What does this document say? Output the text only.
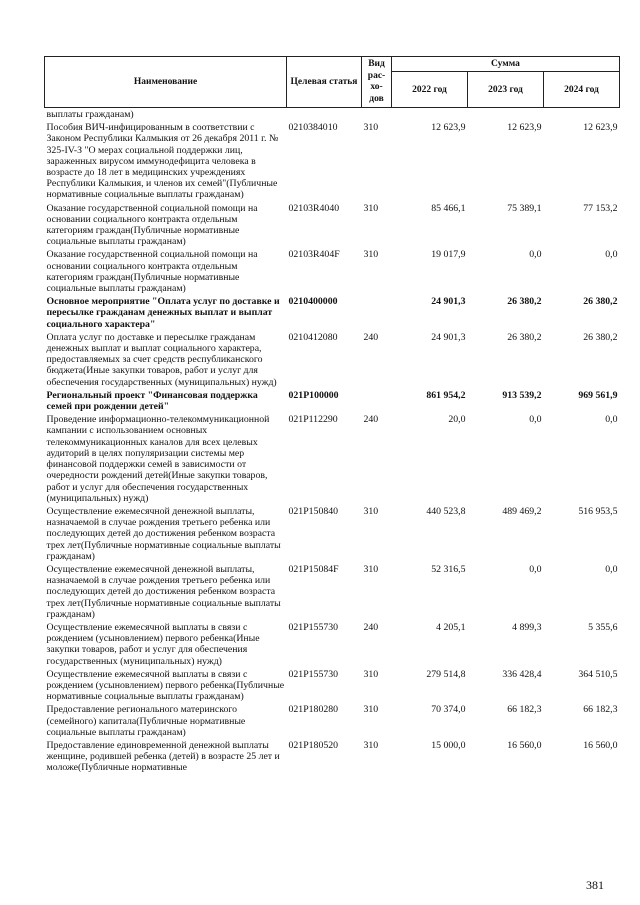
Наименование	Целевая статья	Вид рас-хо-дов	Сумма		
			2022 год	2023 год	2024 год
выплаты гражданам)					
Пособия ВИЧ-инфицированным в соответствии с Законом Республики Калмыкия от 26 декабря 2011 г. № 325-IV-З "О мерах социальной поддержки лиц, зараженных вирусом иммунодефицита человека в возрасте до 18 лет в медицинских учреждениях Республики Калмыкия, и членов их семей"(Публичные нормативные социальные выплаты гражданам)	0210384010	310	12 623,9	12 623,9	12 623,9
Оказание государственной социальной помощи на основании социального контракта отдельным категориям граждан(Публичные нормативные социальные выплаты гражданам)	02103R4040	310	85 466,1	75 389,1	77 153,2
Оказание государственной социальной помощи на основании социального контракта отдельным категориям граждан(Публичные нормативные социальные выплаты гражданам)	02103R404F	310	19 017,9	0,0	0,0
Основное мероприятие "Оплата услуг по доставке и пересылке гражданам денежных выплат и выплат социального характера"	0210400000		24 901,3	26 380,2	26 380,2
Оплата услуг по доставке и пересылке гражданам денежных выплат и выплат социального характера, предоставляемых за счет средств республиканского бюджета(Иные закупки товаров, работ и услуг для обеспечения государственных (муниципальных) нужд)	0210412080	240	24 901,3	26 380,2	26 380,2
Региональный проект "Финансовая поддержка семей при рождении детей"	021P100000		861 954,2	913 539,2	969 561,9
Проведение информационно-телекоммуникационной кампании с использованием основных телекоммуникационных каналов для всех целевых аудиторий в целях популяризации системы мер финансовой поддержки семей в зависимости от очередности рождений детей(Иные закупки товаров, работ и услуг для обеспечения государственных (муниципальных) нужд)	021P112290	240	20,0	0,0	0,0
Осуществление ежемесячной денежной выплаты, назначаемой в случае рождения третьего ребенка или последующих детей до достижения ребенком возраста трех лет(Публичные нормативные социальные выплаты гражданам)	021P150840	310	440 523,8	489 469,2	516 953,5
Осуществление ежемесячной денежной выплаты, назначаемой в случае рождения третьего ребенка или последующих детей до достижения ребенком возраста трех лет(Публичные нормативные социальные выплаты гражданам)	021P15084F	310	52 316,5	0,0	0,0
Осуществление ежемесячной выплаты в связи с рождением (усыновлением) первого ребенка(Иные закупки товаров, работ и услуг для обеспечения государственных (муниципальных) нужд)	021P155730	240	4 205,1	4 899,3	5 355,6
Осуществление ежемесячной выплаты в связи с рождением (усыновлением) первого ребенка(Публичные нормативные социальные выплаты гражданам)	021P155730	310	279 514,8	336 428,4	364 510,5
Предоставление регионального материнского (семейного) капитала(Публичные нормативные социальные выплаты гражданам)	021P180280	310	70 374,0	66 182,3	66 182,3
Предоставление единовременной денежной выплаты женщине, родившей ребенка (детей) в возрасте 25 лет и моложе(Публичные нормативные	021P180520	310	15 000,0	16 560,0	16 560,0
381
